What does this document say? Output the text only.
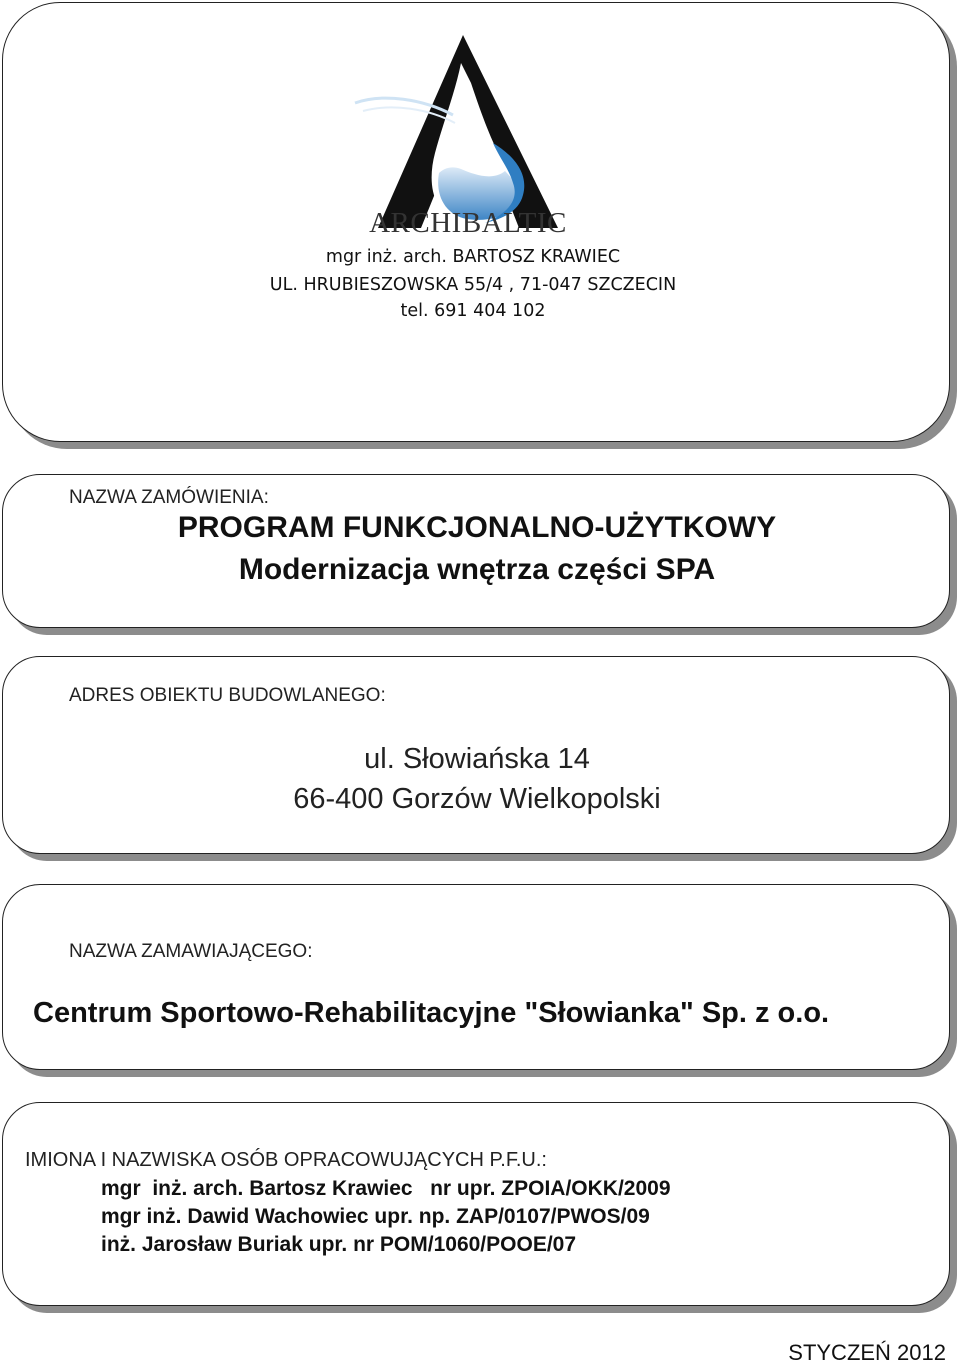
ARCHIBALTIC
mgr inż. arch. BARTOSZ KRAWIEC
UL. HRUBIESZOWSKA 55/4 , 71-047 SZCZECIN
tel. 691 404 102
NAZWA ZAMÓWIENIA:
PROGRAM FUNKCJONALNO-UŻYTKOWY
Modernizacja wnętrza części SPA
ADRES OBIEKTU BUDOWLANEGO:
ul. Słowiańska 14
66-400 Gorzów Wielkopolski
NAZWA ZAMAWIAJĄCEGO:
Centrum Sportowo-Rehabilitacyjne "Słowianka" Sp. z o.o.
IMIONA I NAZWISKA OSÓB OPRACOWUJĄCYCH P.F.U.:
mgr  inż. arch. Bartosz Krawiec   nr upr. ZPOIA/OKK/2009
mgr inż. Dawid Wachowiec upr. np. ZAP/0107/PWOS/09
inż. Jarosław Buriak upr. nr POM/1060/POOE/07
STYCZEŃ 2012
